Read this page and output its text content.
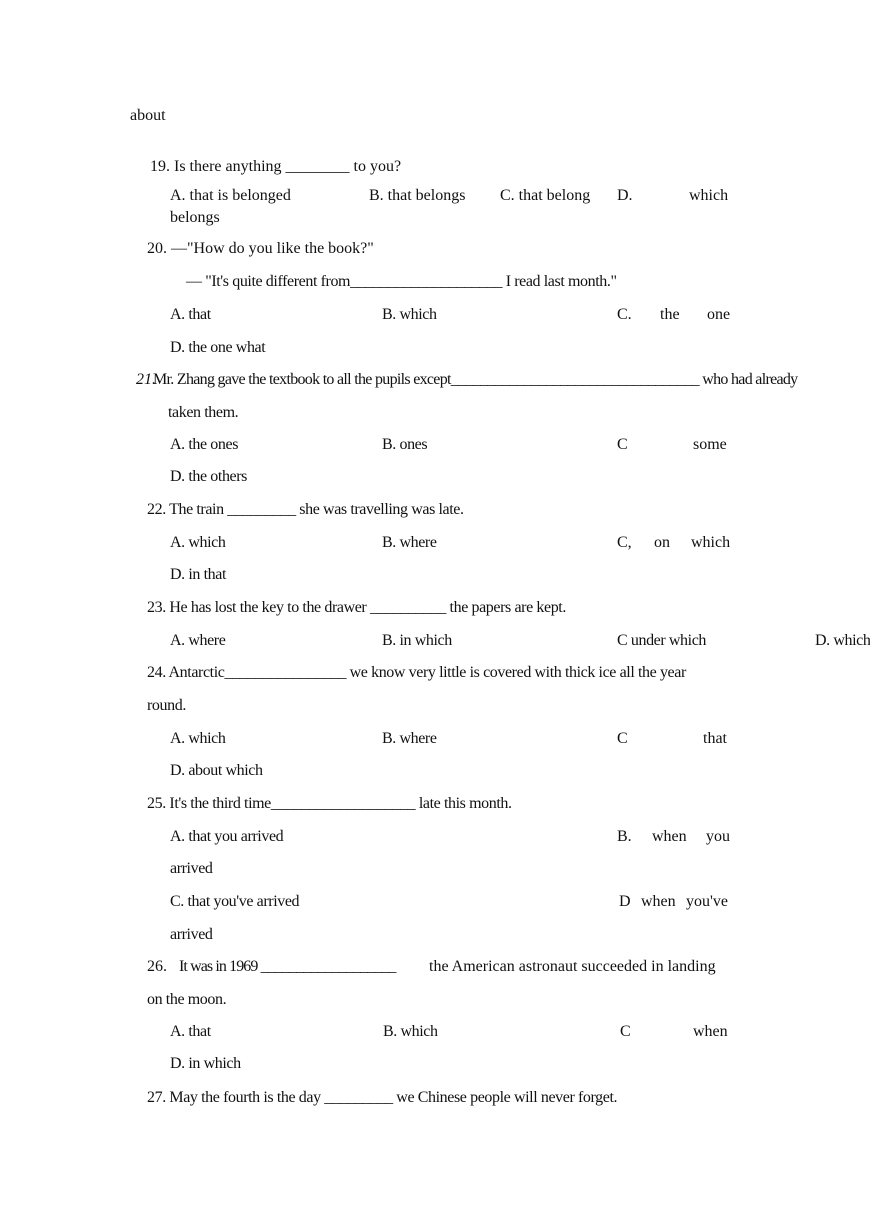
about
19. Is there anything ________ to you?
A. that is belonged	B. that belongs C. that belong D.	which
belongs
20. —"How do you like the book?"
— "It's quite different from____________________ I read last month."
A. that	B. which	C. the one
D. the one what
21.
Mr. Zhang gave the textbook to all the pupils except__________________________________ who had already
taken them.
A. the ones	B. ones	C	some
D. the others
22. The train _________ she was travelling was late.
A. which	B. where	C, on which
D. in that
23. He has lost the key to the drawer __________ the papers are kept.
A. where	B. in which	C under which	D. which
24. Antarctic________________ we know very little is covered with thick ice all the year
round.
A. which	B. where	C	that
D. about which
25. It's the third time___________________ late this month.
A. that you arrived	B. when you
arrived
C. that you've arrived	D when you've
arrived
26. It was in 1969 ___________________ the American astronaut succeeded in landing
on the moon.
A. that	B. which	C	when
D. in which
27. May the fourth is the day _________ we Chinese people will never forget.
